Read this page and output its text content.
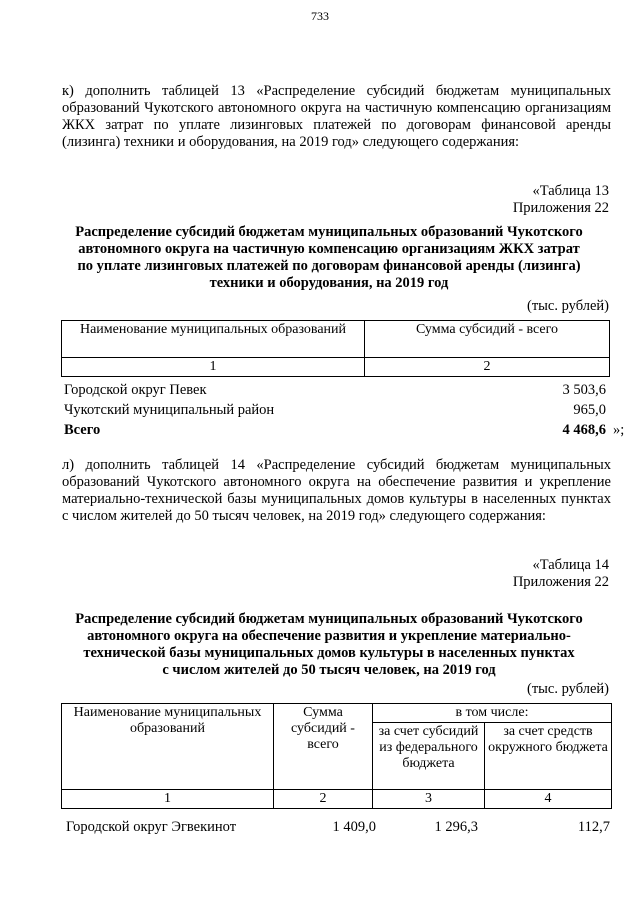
733

к) дополнить таблицей 13 «Распределение субсидий бюджетам муниципальных образований Чукотского автономного округа на частичную компенсацию организациям ЖКХ затрат по уплате лизинговых платежей по договорам финансовой аренды (лизинга) техники и оборудования, на 2019 год» следующего содержания:

«Таблица 13
Приложения 22

Распределение субсидий бюджетам муниципальных образований Чукотского
автономного округа на частичную компенсацию организациям ЖКХ затрат
по уплате лизинговых платежей по договорам финансовой аренды (лизинга)
техники и оборудования, на 2019 год

(тыс. рублей)
Наименование муниципальных образований	Сумма субсидий - всего
1	2
Городской округ Певек	3 503,6
Чукотский муниципальный район	965,0
Всего	4 468,6 »;

л) дополнить таблицей 14 «Распределение субсидий бюджетам муниципальных образований Чукотского автономного округа на обеспечение развития и укрепление материально-технической базы муниципальных домов культуры в населенных пунктах с числом жителей до 50 тысяч человек, на 2019 год» следующего содержания:

«Таблица 14
Приложения 22

Распределение субсидий бюджетам муниципальных образований Чукотского
автономного округа на обеспечение развития и укрепление материально-
технической базы муниципальных домов культуры в населенных пунктах
с числом жителей до 50 тысяч человек, на 2019 год

(тыс. рублей)
Наименование муниципальных образований	Сумма субсидий - всего	в том числе:	
		за счет субсидий из федерального бюджета	за счет средств окружного бюджета
1	2	3	4
Городской округ Эгвекинот	1 409,0	1 296,3	112,7
